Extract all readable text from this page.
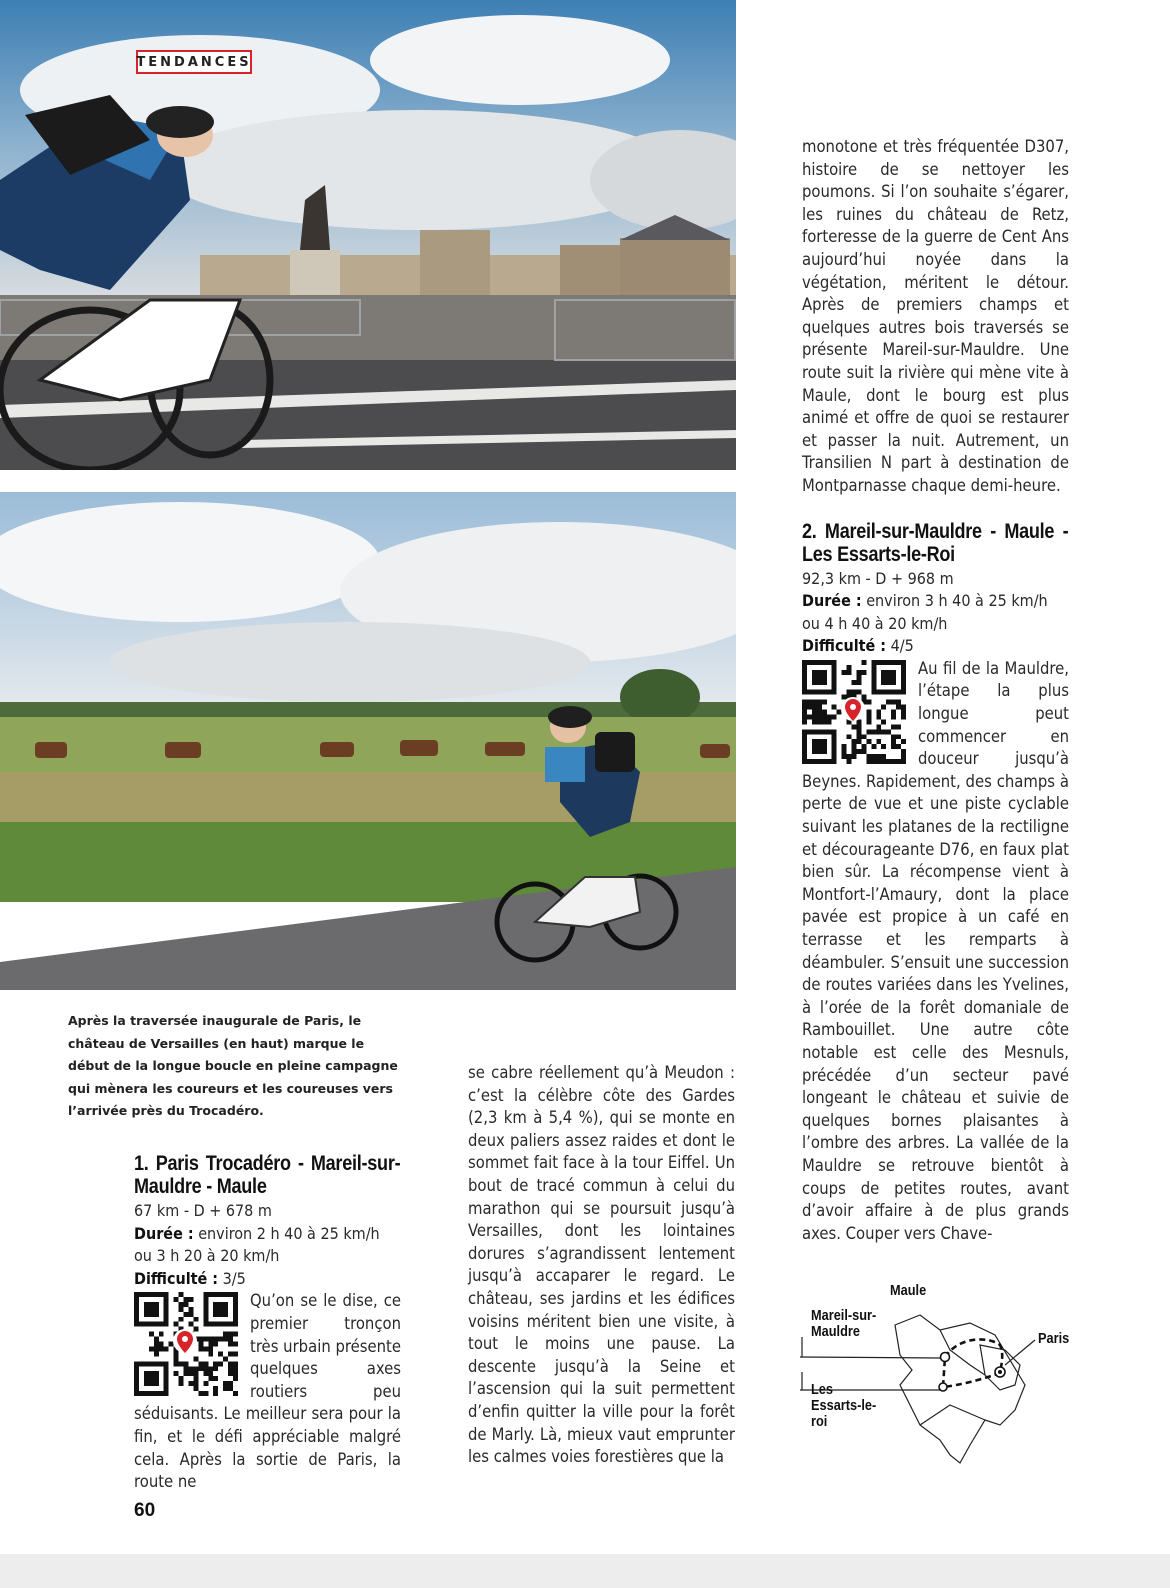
TENDANCES
Après la traversée inaugurale de Paris, le château de Versailles (en haut) marque le début de la longue boucle en pleine campagne qui mènera les coureurs et les coureuses vers l’arrivée près du Trocadéro.
1. Paris Trocadéro - Mareil-sur-Mauldre - Maule
67 km - D + 678 m
Durée : environ 2 h 40 à 25 km/h ou 3 h 20 à 20 km/h
Difficulté : 3/5

Qu’on se le dise, ce premier tronçon très urbain présente quelques axes routiers peu séduisants. Le meilleur sera pour la fin, et le défi appréciable malgré cela. Après la sortie de Paris, la route ne

se cabre réellement qu’à Meudon : c’est la célèbre côte des Gardes (2,3 km à 5,4 %), qui se monte en deux paliers assez raides et dont le sommet fait face à la tour Eiffel. Un bout de tracé commun à celui du marathon qui se poursuit jusqu’à Versailles, dont les lointaines dorures s’agrandissent lentement jusqu’à accaparer le regard. Le château, ses jardins et les édifices voisins méritent bien une visite, à tout le moins une pause. La descente jusqu’à la Seine et l’ascension qui la suit permettent d’enfin quitter la ville pour la forêt de Marly. Là, mieux vaut emprunter les calmes voies forestières que la

monotone et très fréquentée D307, histoire de se nettoyer les poumons. Si l’on souhaite s’égarer, les ruines du château de Retz, forteresse de la guerre de Cent Ans aujourd’hui noyée dans la végétation, méritent le détour. Après de premiers champs et quelques autres bois traversés se présente Mareil-sur-Mauldre. Une route suit la rivière qui mène vite à Maule, dont le bourg est plus animé et offre de quoi se restaurer et passer la nuit. Autrement, un Transilien N part à destination de Montparnasse chaque demi-heure.

2. Mareil-sur-Mauldre - Maule - Les Essarts-le-Roi
92,3 km - D + 968 m
Durée : environ 3 h 40 à 25 km/h ou 4 h 40 à 20 km/h
Difficulté : 4/5

Au fil de la Mauldre, l’étape la plus longue peut commencer en douceur jusqu’à Beynes. Rapidement, des champs à perte de vue et une piste cyclable suivant les platanes de la rectiligne et décourageante D76, en faux plat bien sûr. La récompense vient à Montfort-l’Amaury, dont la place pavée est propice à un café en terrasse et les remparts à déambuler. S’ensuit une succession de routes variées dans les Yvelines, à l’orée de la forêt domaniale de Rambouillet. Une autre côte notable est celle des Mesnuls, précédée d’un secteur pavé longeant le château et suivie de quelques bornes plaisantes à l’ombre des arbres. La vallée de la Mauldre se retrouve bientôt à coups de petites routes, avant d’avoir affaire à de plus grands axes. Couper vers Chave-

Maule
Mareil-sur-Mauldre	Paris
Les Essarts-le-roi
60
